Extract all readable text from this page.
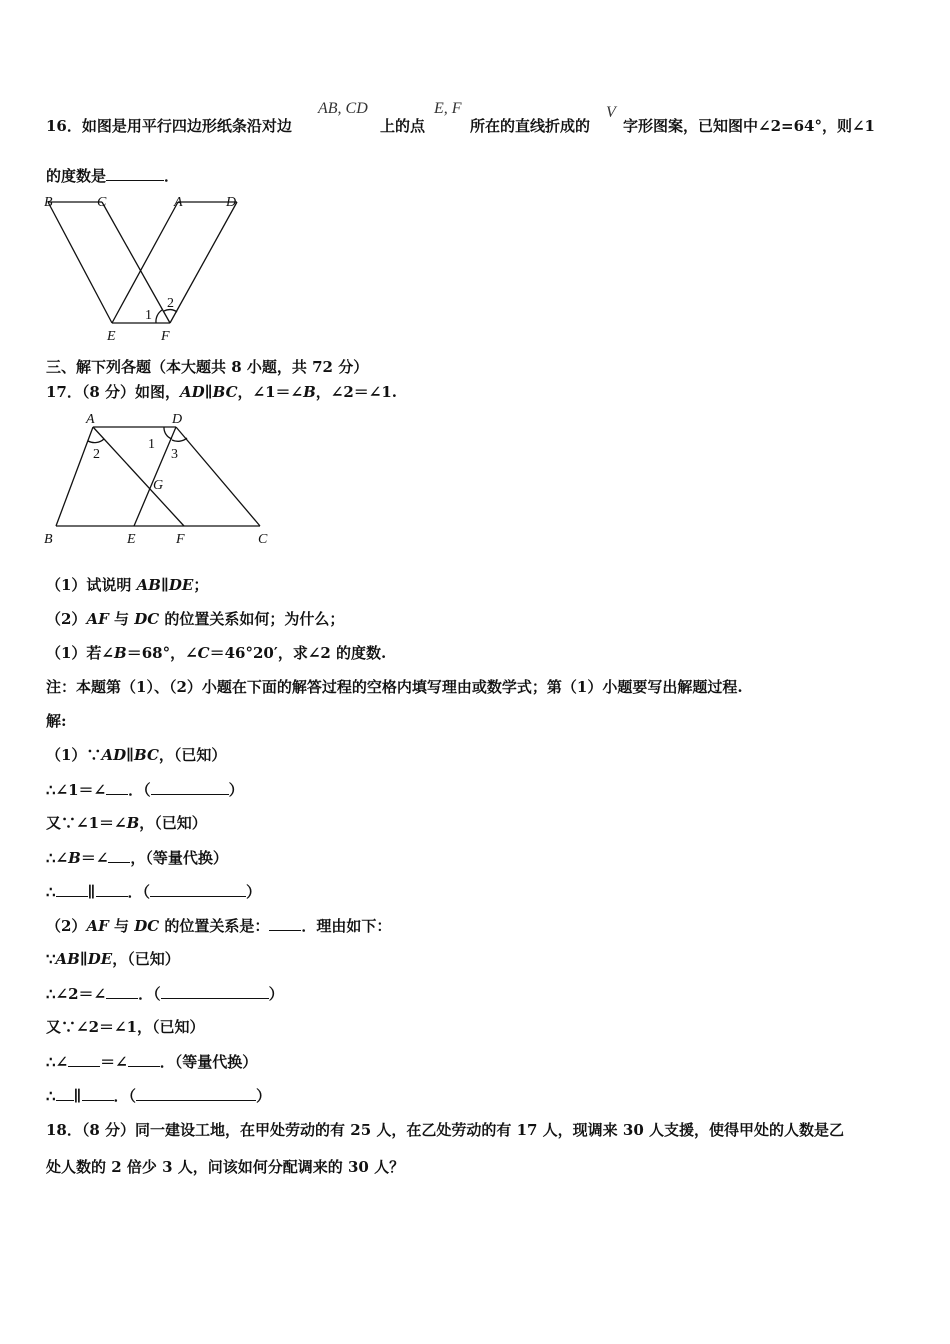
16．如图是用平行四边形纸条沿对边
AB, CD
上的点
E, F
所在的直线折成的
V
字形图案，已知图中∠2=64°，则∠1
的度数是	．
B	C	A	D
E	F
1
2
三、解下列各题（本大题共 8 小题，共 72 分）
17．（8 分）如图，AD∥BC，∠1＝∠B，∠2＝∠1.
A	D
B	E	F	C
G
1
2	3
（1）试说明 AB∥DE；
（2）AF 与 DC 的位置关系如何；为什么；
（1）若∠B＝68°，∠C＝46°20′，求∠2 的度数.
注：本题第（1）、（2）小题在下面的解答过程的空格内填写理由或数学式；第（1）小题要写出解题过程.
解:
（1）∵AD∥BC，（已知）
∴∠1＝∠ ．（	）
又∵∠1＝∠B，（已知）
∴∠B＝∠ ，（等量代换）
∴ ∥ ．（	）
（2）AF 与 DC 的位置关系是： ．理由如下：
∵AB∥DE，（已知）
∴∠2＝∠ ．（	）
又∵∠2＝∠1，（已知）
∴∠ ＝∠ ．（等量代换）
∴ ∥ ．（	）
18．（8 分）同一建设工地，在甲处劳动的有 25 人，在乙处劳动的有 17 人，现调来 30 人支援，使得甲处的人数是乙
处人数的 2 倍少 3 人，问该如何分配调来的 30 人？
